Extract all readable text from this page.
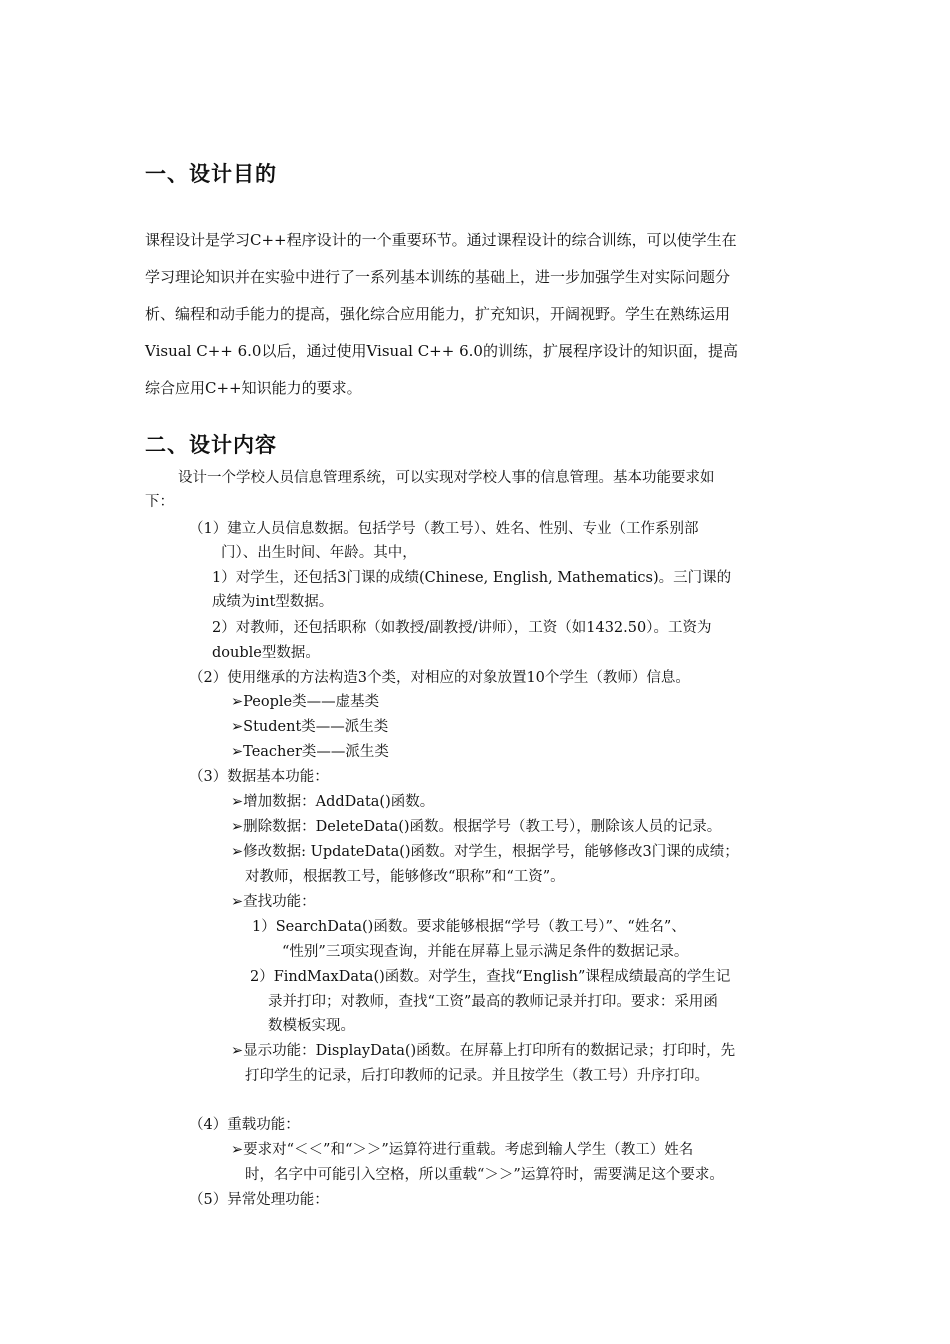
一、设计目的
课程设计是学习C++程序设计的一个重要环节。通过课程设计的综合训练，可以使学生在
学习理论知识并在实验中进行了一系列基本训练的基础上，进一步加强学生对实际问题分
析、编程和动手能力的提高，强化综合应用能力，扩充知识，开阔视野。学生在熟练运用
Visual C++ 6.0以后，通过使用Visual C++ 6.0的训练，扩展程序设计的知识面，提高
综合应用C++知识能力的要求。
二、设计内容
设计一个学校人员信息管理系统，可以实现对学校人事的信息管理。基本功能要求如
下：
（1）建立人员信息数据。包括学号（教工号）、姓名、性别、专业（工作系别部
门）、出生时间、年龄。其中，
1）对学生，还包括3门课的成绩(Chinese, English, Mathematics)。三门课的
成绩为int型数据。
2）对教师，还包括职称（如教授/副教授/讲师），工资（如1432.50）。工资为
double型数据。
（2）使用继承的方法构造3个类，对相应的对象放置10个学生（教师）信息。
➢People类——虚基类
➢Student类——派生类
➢Teacher类——派生类
（3）数据基本功能：
➢增加数据：AddData()函数。
➢删除数据：DeleteData()函数。根据学号（教工号），删除该人员的记录。
➢修改数据: UpdateData()函数。对学生，根据学号，能够修改3门课的成绩；
对教师，根据教工号，能够修改“职称”和“工资”。
➢查找功能：
1）SearchData()函数。要求能够根据“学号（教工号）”、“姓名”、
“性别”三项实现查询，并能在屏幕上显示满足条件的数据记录。
2）FindMaxData()函数。对学生，查找“English”课程成绩最高的学生记
录并打印；对教师，查找“工资”最高的教师记录并打印。要求：采用函
数模板实现。
➢显示功能：DisplayData()函数。在屏幕上打印所有的数据记录；打印时，先
打印学生的记录，后打印教师的记录。并且按学生（教工号）升序打印。
（4）重载功能：
➢要求对“＜＜”和“＞＞”运算符进行重载。考虑到输人学生（教工）姓名
时，名字中可能引入空格，所以重载“＞＞”运算符时，需要满足这个要求。
（5）异常处理功能：
